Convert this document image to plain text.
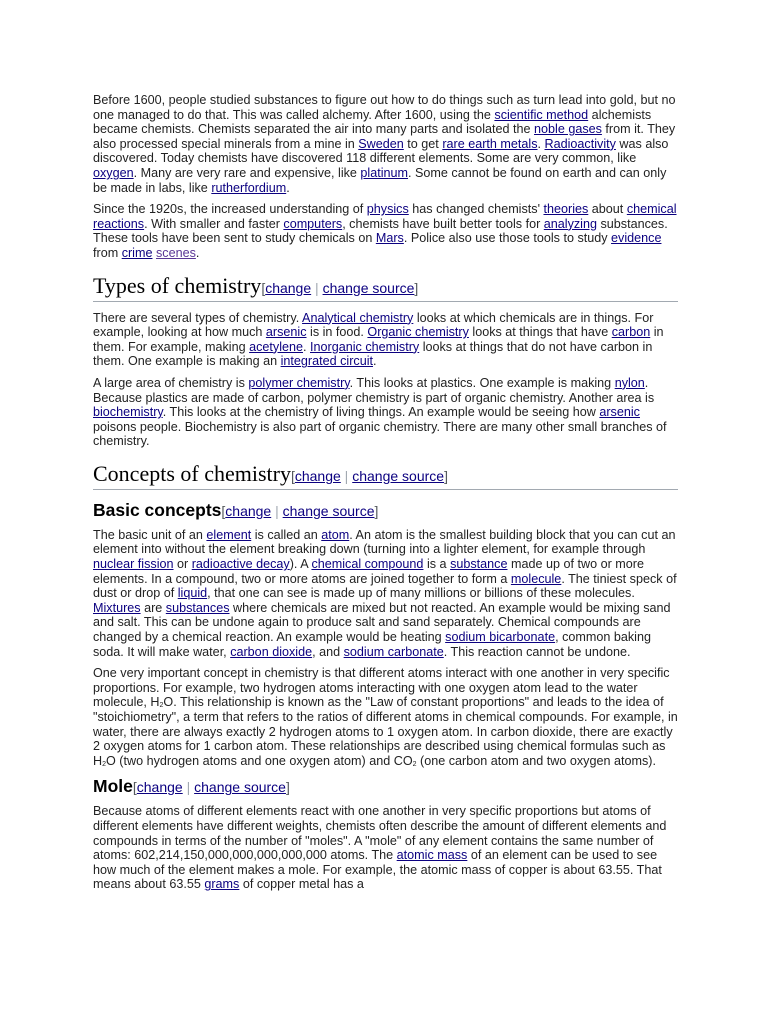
Before 1600, people studied substances to figure out how to do things such as turn lead into gold, but no one managed to do that. This was called alchemy. After 1600, using the scientific method alchemists became chemists. Chemists separated the air into many parts and isolated the noble gases from it. They also processed special minerals from a mine in Sweden to get rare earth metals. Radioactivity was also discovered. Today chemists have discovered 118 different elements. Some are very common, like oxygen. Many are very rare and expensive, like platinum. Some cannot be found on earth and can only be made in labs, like rutherfordium.

Since the 1920s, the increased understanding of physics has changed chemists' theories about chemical reactions. With smaller and faster computers, chemists have built better tools for analyzing substances. These tools have been sent to study chemicals on Mars. Police also use those tools to study evidence from crime scenes.

Types of chemistry[change | change source]

There are several types of chemistry. Analytical chemistry looks at which chemicals are in things. For example, looking at how much arsenic is in food. Organic chemistry looks at things that have carbon in them. For example, making acetylene. Inorganic chemistry looks at things that do not have carbon in them. One example is making an integrated circuit.

A large area of chemistry is polymer chemistry. This looks at plastics. One example is making nylon. Because plastics are made of carbon, polymer chemistry is part of organic chemistry. Another area is biochemistry. This looks at the chemistry of living things. An example would be seeing how arsenic poisons people. Biochemistry is also part of organic chemistry. There are many other small branches of chemistry.

Concepts of chemistry[change | change source]
Basic concepts[change | change source]

The basic unit of an element is called an atom. An atom is the smallest building block that you can cut an element into without the element breaking down (turning into a lighter element, for example through nuclear fission or radioactive decay). A chemical compound is a substance made up of two or more elements. In a compound, two or more atoms are joined together to form a molecule. The tiniest speck of dust or drop of liquid, that one can see is made up of many millions or billions of these molecules. Mixtures are substances where chemicals are mixed but not reacted. An example would be mixing sand and salt. This can be undone again to produce salt and sand separately. Chemical compounds are changed by a chemical reaction. An example would be heating sodium bicarbonate, common baking soda. It will make water, carbon dioxide, and sodium carbonate. This reaction cannot be undone.

One very important concept in chemistry is that different atoms interact with one another in very specific proportions. For example, two hydrogen atoms interacting with one oxygen atom lead to the water molecule, $H_2O$. This relationship is known as the "Law of constant proportions" and leads to the idea of "stoichiometry", a term that refers to the ratios of different atoms in chemical compounds. For example, in water, there are always exactly 2 hydrogen atoms to 1 oxygen atom. In carbon dioxide, there are exactly 2 oxygen atoms for 1 carbon atom. These relationships are described using chemical formulas such as $H_2O$ (two hydrogen atoms and one oxygen atom) and $CO_2$ (one carbon atom and two oxygen atoms).

Mole[change | change source]

Because atoms of different elements react with one another in very specific proportions but atoms of different elements have different weights, chemists often describe the amount of different elements and compounds in terms of the number of "moles". A "mole" of any element contains the same number of atoms: 602,214,150,000,000,000,000,000 atoms. The atomic mass of an element can be used to see how much of the element makes a mole. For example, the atomic mass of copper is about 63.55. That means about 63.55 grams of copper metal has a
